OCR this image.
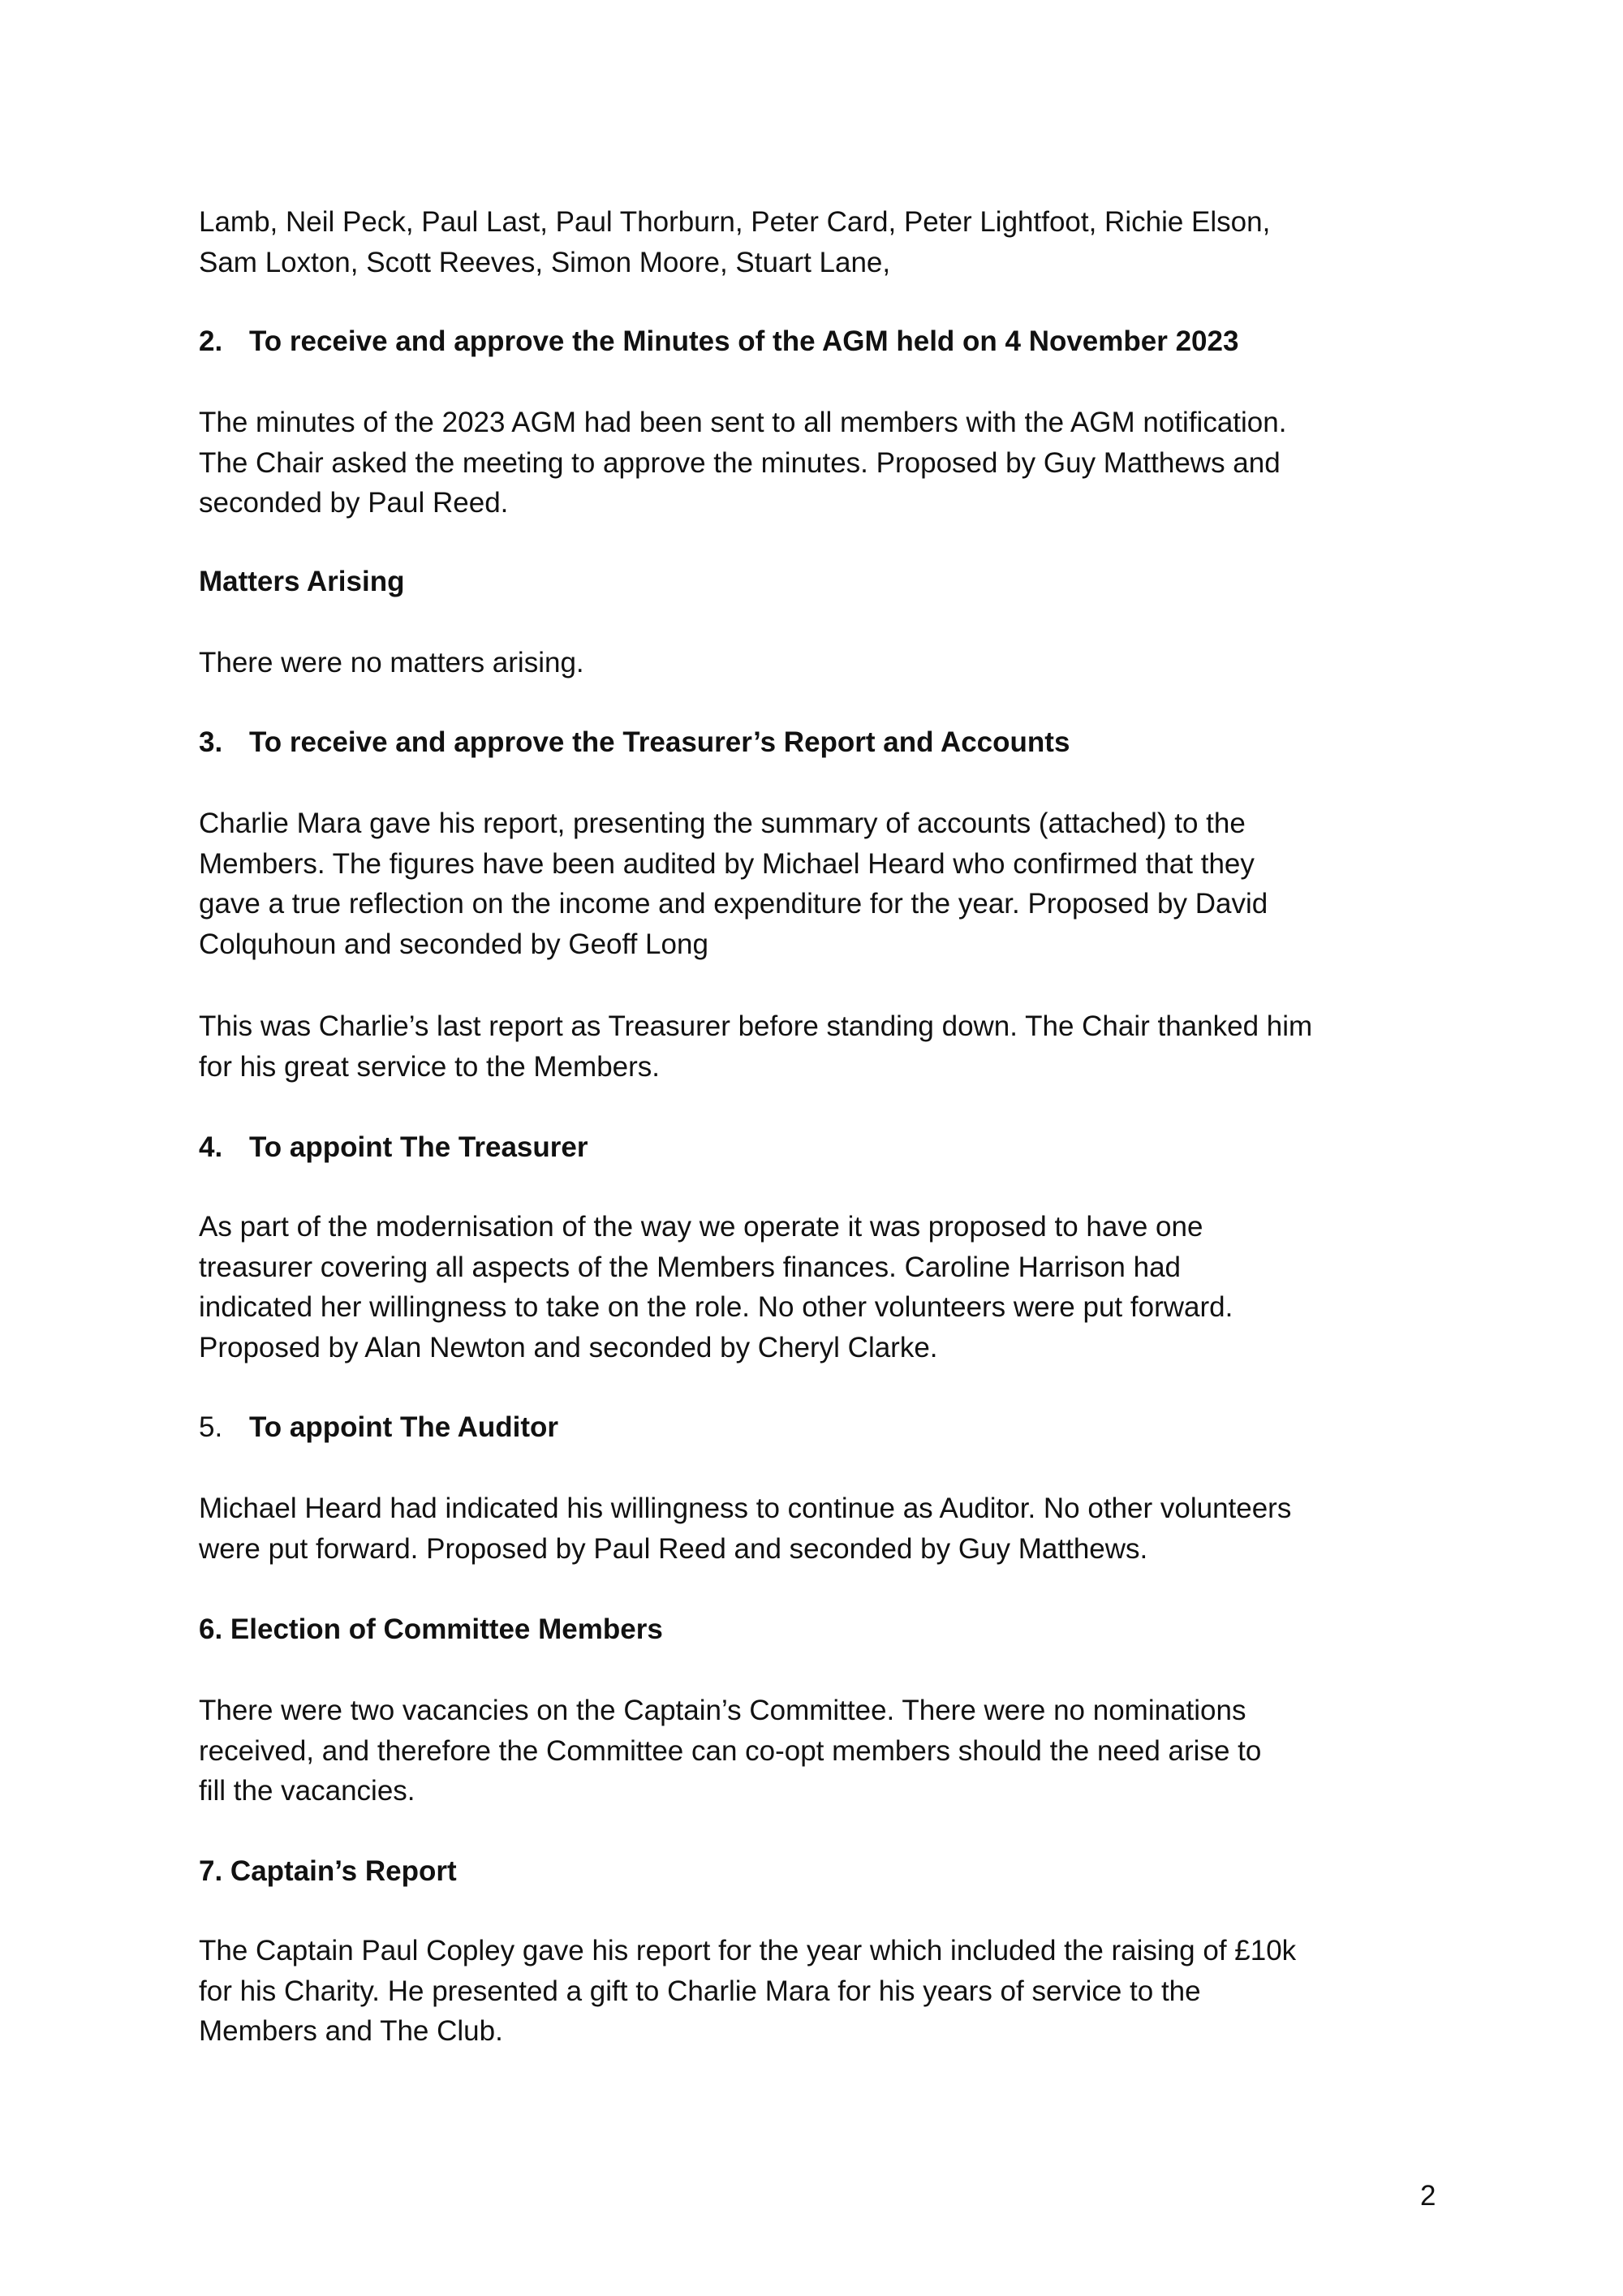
Lamb, Neil Peck, Paul Last, Paul Thorburn, Peter Card, Peter Lightfoot, Richie Elson,
Sam Loxton, Scott Reeves, Simon Moore, Stuart Lane,
2. To receive and approve the Minutes of the AGM held on 4 November 2023
The minutes of the 2023 AGM had been sent to all members with the AGM notification.
The Chair asked the meeting to approve the minutes. Proposed by Guy Matthews and
seconded by Paul Reed.
Matters Arising
There were no matters arising.
3. To receive and approve the Treasurer’s Report and Accounts
Charlie Mara gave his report, presenting the summary of accounts (attached) to the
Members. The figures have been audited by Michael Heard who confirmed that they
gave a true reflection on the income and expenditure for the year. Proposed by David
Colquhoun and seconded by Geoff Long
This was Charlie’s last report as Treasurer before standing down. The Chair thanked him
for his great service to the Members.
4. To appoint The Treasurer
As part of the modernisation of the way we operate it was proposed to have one
treasurer covering all aspects of the Members finances. Caroline Harrison had
indicated her willingness to take on the role. No other volunteers were put forward.
Proposed by Alan Newton and seconded by Cheryl Clarke.
5. To appoint The Auditor
Michael Heard had indicated his willingness to continue as Auditor. No other volunteers
were put forward. Proposed by Paul Reed and seconded by Guy Matthews.
6. Election of Committee Members
There were two vacancies on the Captain’s Committee. There were no nominations
received, and therefore the Committee can co-opt members should the need arise to
fill the vacancies.
7. Captain’s Report
The Captain Paul Copley gave his report for the year which included the raising of £10k
for his Charity. He presented a gift to Charlie Mara for his years of service to the
Members and The Club.
2
